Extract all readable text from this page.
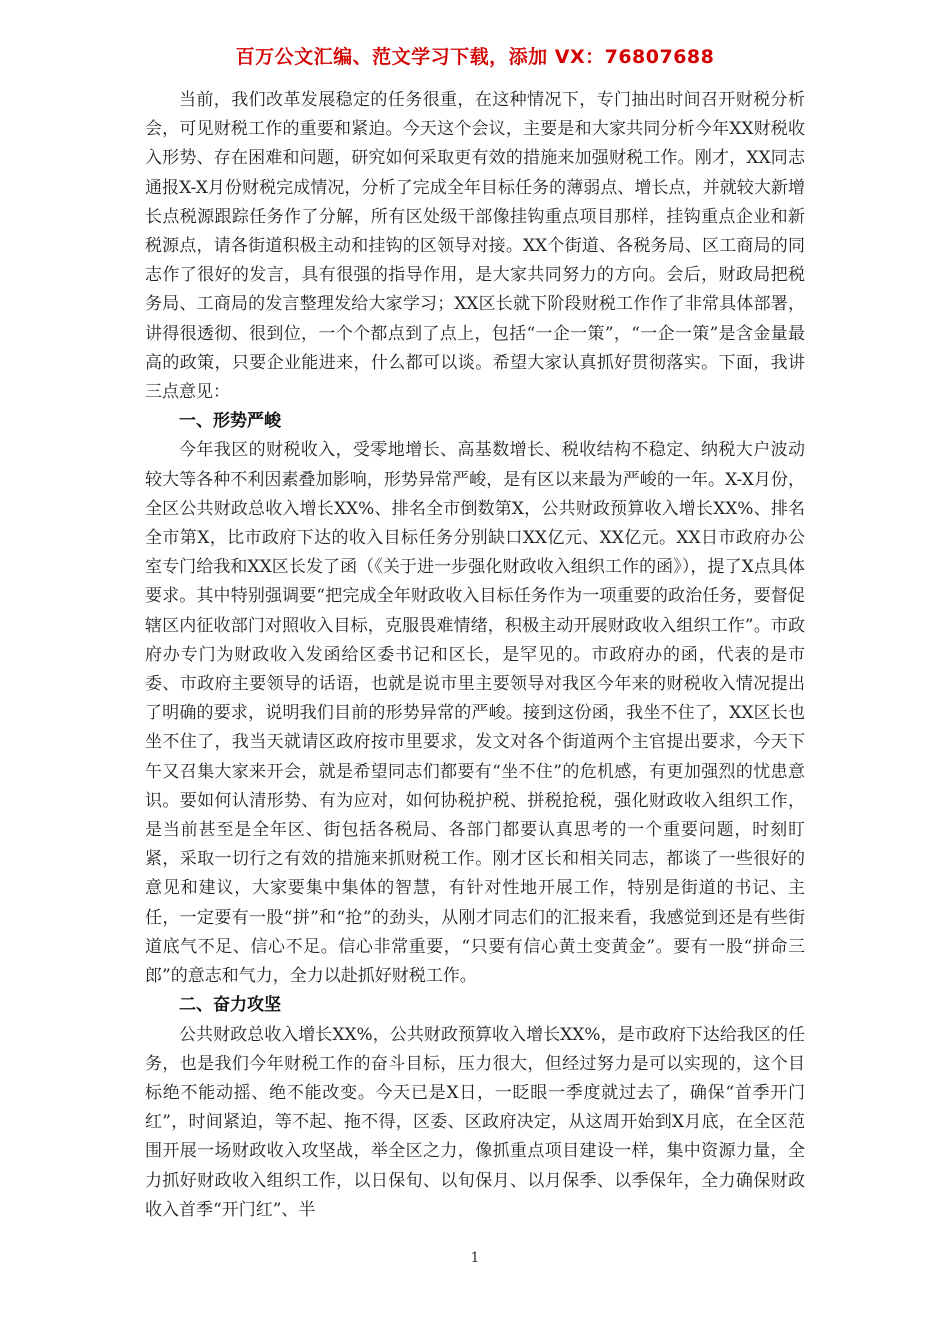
百万公文汇编、范文学习下载，添加 VX：76807688

当前，我们改革发展稳定的任务很重，在这种情况下，专门抽出时间召开财税分析会，可见财税工作的重要和紧迫。今天这个会议，主要是和大家共同分析今年XX财税收入形势、存在困难和问题，研究如何采取更有效的措施来加强财税工作。刚才，XX同志通报X-X月份财税完成情况，分析了完成全年目标任务的薄弱点、增长点，并就较大新增长点税源跟踪任务作了分解，所有区处级干部像挂钩重点项目那样，挂钩重点企业和新税源点，请各街道积极主动和挂钩的区领导对接。XX个街道、各税务局、区工商局的同志作了很好的发言，具有很强的指导作用，是大家共同努力的方向。会后，财政局把税务局、工商局的发言整理发给大家学习；XX区长就下阶段财税工作作了非常具体部署，讲得很透彻、很到位，一个个都点到了点上，包括“一企一策”，“一企一策”是含金量最高的政策，只要企业能进来，什么都可以谈。希望大家认真抓好贯彻落实。下面，我讲三点意见：

一、形势严峻

今年我区的财税收入，受零地增长、高基数增长、税收结构不稳定、纳税大户波动较大等各种不利因素叠加影响，形势异常严峻，是有区以来最为严峻的一年。X-X月份，全区公共财政总收入增长XX%、排名全市倒数第X，公共财政预算收入增长XX%、排名全市第X，比市政府下达的收入目标任务分别缺口XX亿元、XX亿元。XX日市政府办公室专门给我和XX区长发了函（《关于进一步强化财政收入组织工作的函》），提了X点具体要求。其中特别强调要“把完成全年财政收入目标任务作为一项重要的政治任务，要督促辖区内征收部门对照收入目标，克服畏难情绪，积极主动开展财政收入组织工作”。市政府办专门为财政收入发函给区委书记和区长，是罕见的。市政府办的函，代表的是市委、市政府主要领导的话语，也就是说市里主要领导对我区今年来的财税收入情况提出了明确的要求，说明我们目前的形势异常的严峻。接到这份函，我坐不住了，XX区长也坐不住了，我当天就请区政府按市里要求，发文对各个街道两个主官提出要求，今天下午又召集大家来开会，就是希望同志们都要有“坐不住”的危机感，有更加强烈的忧患意识。要如何认清形势、有为应对，如何协税护税、拼税抢税，强化财政收入组织工作，是当前甚至是全年区、街包括各税局、各部门都要认真思考的一个重要问题，时刻盯紧，采取一切行之有效的措施来抓财税工作。刚才区长和相关同志，都谈了一些很好的意见和建议，大家要集中集体的智慧，有针对性地开展工作，特别是街道的书记、主任，一定要有一股“拼”和“抢”的劲头，从刚才同志们的汇报来看，我感觉到还是有些街道底气不足、信心不足。信心非常重要，“只要有信心黄土变黄金”。要有一股“拼命三郎”的意志和气力，全力以赴抓好财税工作。

二、奋力攻坚

公共财政总收入增长XX%，公共财政预算收入增长XX%，是市政府下达给我区的任务，也是我们今年财税工作的奋斗目标，压力很大，但经过努力是可以实现的，这个目标绝不能动摇、绝不能改变。今天已是X日，一眨眼一季度就过去了，确保“首季开门红”，时间紧迫，等不起、拖不得，区委、区政府决定，从这周开始到X月底，在全区范围开展一场财政收入攻坚战，举全区之力，像抓重点项目建设一样，集中资源力量，全力抓好财政收入组织工作，以日保旬、以旬保月、以月保季、以季保年，全力确保财政收入首季“开门红”、半

1
